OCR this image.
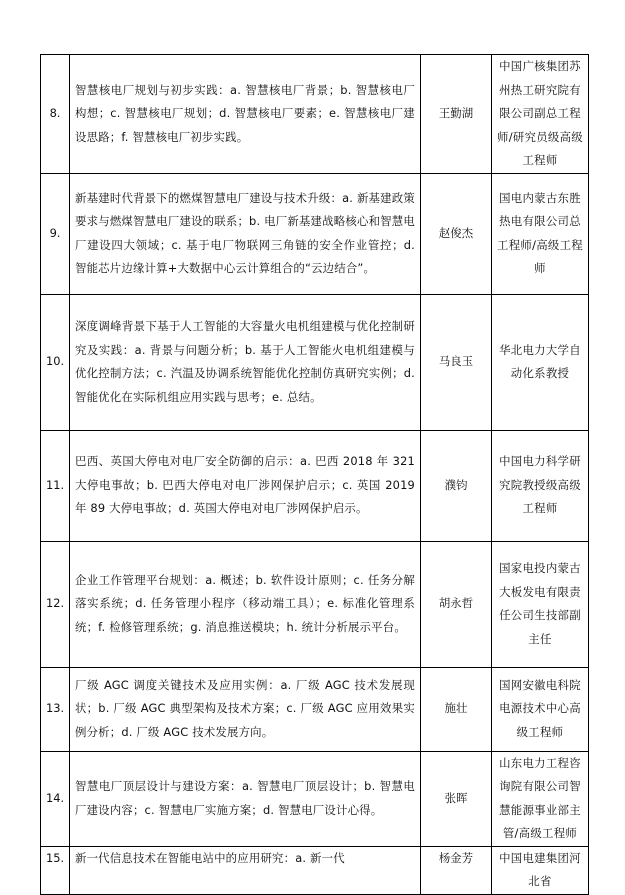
8.	智慧核电厂规划与初步实践：a. 智慧核电厂背景；b. 智慧核电厂构想；c. 智慧核电厂规划；d. 智慧核电厂要素；e. 智慧核电厂建设思路；f. 智慧核电厂初步实践。	王勤湖	中国广核集团苏州热工研究院有限公司副总工程师/研究员级高级工程师
9.	新基建时代背景下的燃煤智慧电厂建设与技术升级：a. 新基建政策要求与燃煤智慧电厂建设的联系；b. 电厂新基建战略核心和智慧电厂建设四大领域；c. 基于电厂物联网三角链的安全作业管控；d. 智能芯片边缘计算+大数据中心云计算组合的“云边结合”。	赵俊杰	国电内蒙古东胜热电有限公司总工程师/高级工程师
10.	深度调峰背景下基于人工智能的大容量火电机组建模与优化控制研究及实践：a. 背景与问题分析；b. 基于人工智能火电机组建模与优化控制方法；c. 汽温及协调系统智能优化控制仿真研究实例；d. 智能优化在实际机组应用实践与思考；e. 总结。	马良玉	华北电力大学自动化系教授
11.	巴西、英国大停电对电厂安全防御的启示：a. 巴西 2018 年 321 大停电事故；b. 巴西大停电对电厂涉网保护启示；c. 英国 2019 年 89 大停电事故；d. 英国大停电对电厂涉网保护启示。	濮钧	中国电力科学研究院教授级高级工程师
12.	企业工作管理平台规划：a. 概述；b. 软件设计原则；c. 任务分解落实系统；d. 任务管理小程序（移动端工具）；e. 标准化管理系统；f. 检修管理系统；g. 消息推送模块；h. 统计分析展示平台。	胡永哲	国家电投内蒙古大板发电有限责任公司生技部副主任
13.	厂级 AGC 调度关键技术及应用实例：a. 厂级 AGC 技术发展现状；b. 厂级 AGC 典型架构及技术方案；c. 厂级 AGC 应用效果实例分析；d. 厂级 AGC 技术发展方向。	施壮	国网安徽电科院电源技术中心高级工程师
14.	智慧电厂顶层设计与建设方案：a. 智慧电厂顶层设计；b. 智慧电厂建设内容；c. 智慧电厂实施方案；d. 智慧电厂设计心得。	张晖	山东电力工程咨询院有限公司智慧能源事业部主管/高级工程师
15.	新一代信息技术在智能电站中的应用研究：a. 新一代	杨金芳	中国电建集团河北省
